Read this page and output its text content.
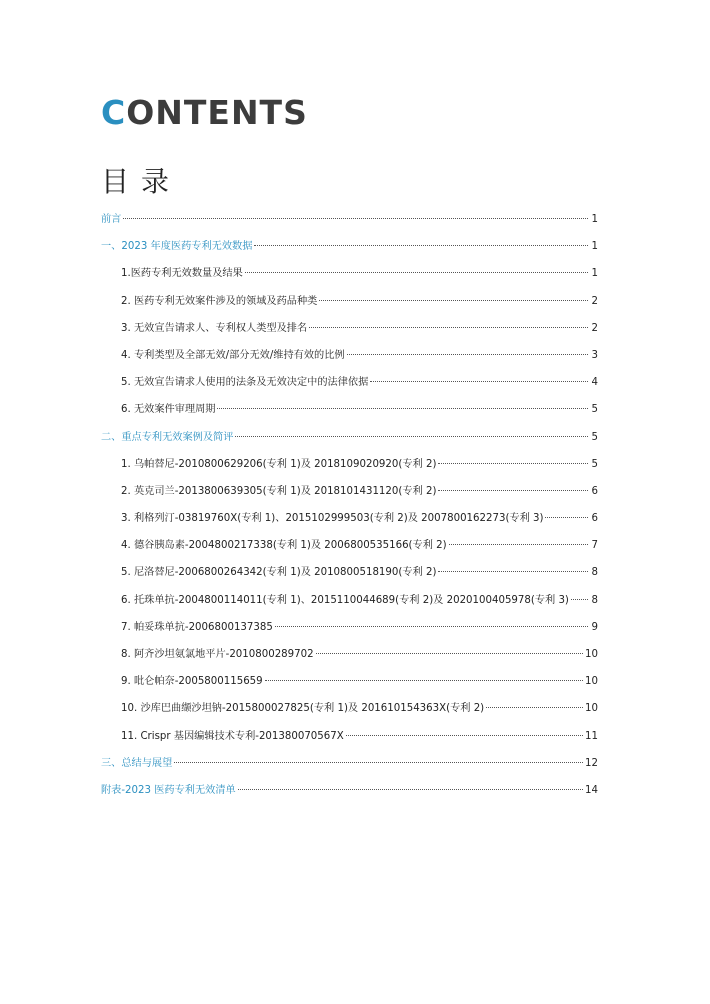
CONTENTS
目录
前言	1
一、2023 年度医药专利无效数据	1
1.医药专利无效数量及结果	1
2. 医药专利无效案件涉及的领域及药品种类	2
3. 无效宣告请求人、专利权人类型及排名	2
4. 专利类型及全部无效/部分无效/维持有效的比例	3
5. 无效宣告请求人使用的法条及无效决定中的法律依据	4
6. 无效案件审理周期	5
二、重点专利无效案例及简评	5
1. 乌帕替尼-2010800629206(专利 1)及 2018109020920(专利 2)	5
2. 英克司兰-2013800639305(专利 1)及 2018101431120(专利 2)	6
3. 利格列汀-03819760X(专利 1)、2015102999503(专利 2)及 2007800162273(专利 3)	6
4. 德谷胰岛素-2004800217338(专利 1)及 2006800535166(专利 2)	7
5. 尼洛替尼-2006800264342(专利 1)及 2010800518190(专利 2)	8
6. 托珠单抗-2004800114011(专利 1)、2015110044689(专利 2)及 2020100405978(专利 3) 8
7. 帕妥珠单抗-2006800137385	9
8. 阿齐沙坦氨氯地平片-2010800289702	10
9. 吡仑帕奈-2005800115659	10
10. 沙库巴曲缬沙坦钠-2015800027825(专利 1)及 201610154363X(专利 2)	10
11. Crispr 基因编辑技术专利-201380070567X	11
三、总结与展望	12
附表-2023 医药专利无效清单	14
